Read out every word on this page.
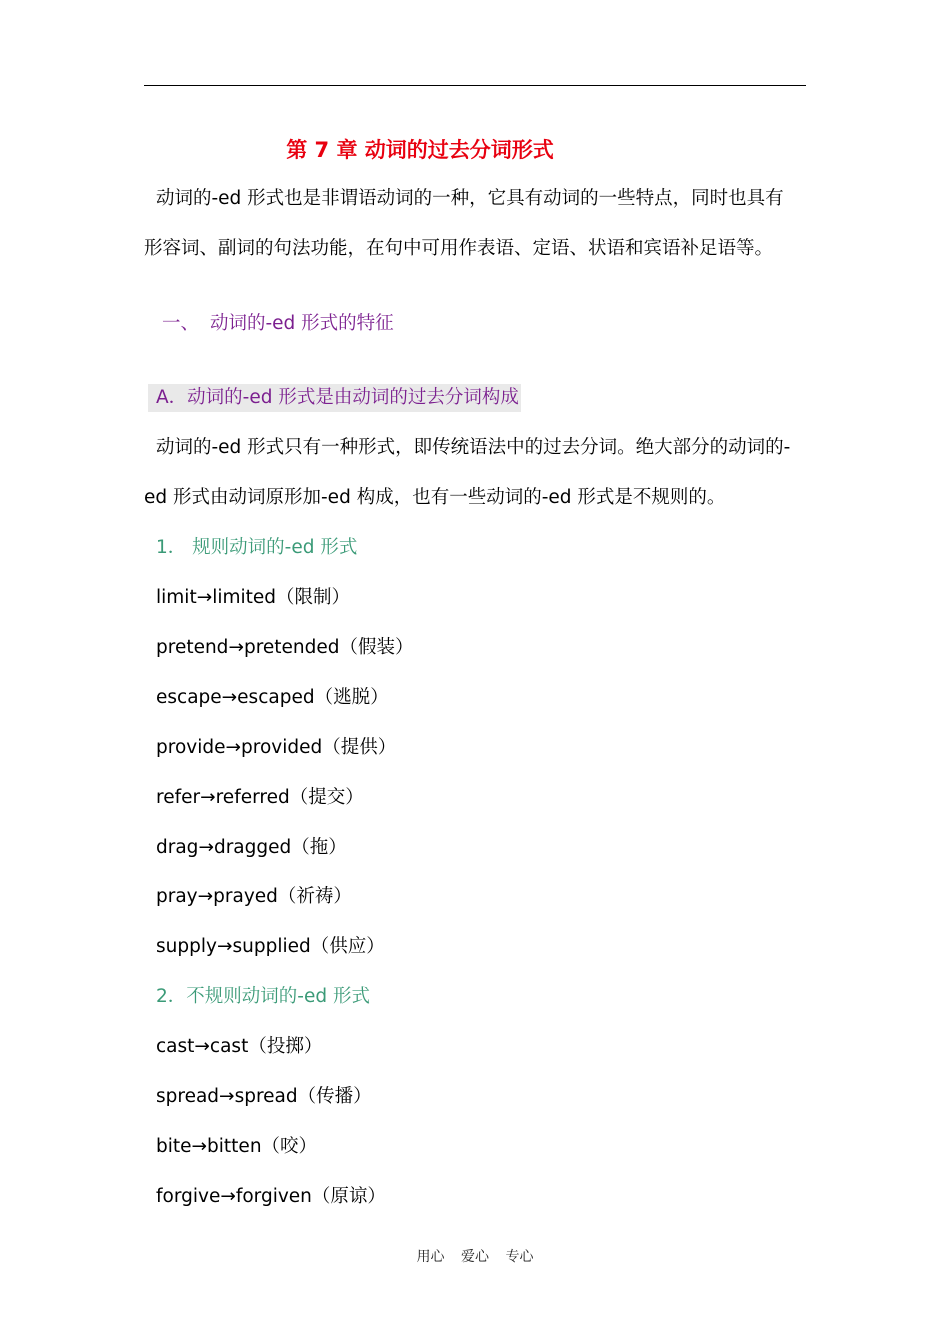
第 7 章 动词的过去分词形式
动词的-ed 形式也是非谓语动词的一种，它具有动词的一些特点，同时也具有
形容词、副词的句法功能，在句中可用作表语、定语、状语和宾语补足语等。
一、 动词的-ed 形式的特征
A．动词的-ed 形式是由动词的过去分词构成
动词的-ed 形式只有一种形式，即传统语法中的过去分词。绝大部分的动词的-
ed 形式由动词原形加-ed 构成，也有一些动词的-ed 形式是不规则的。
1． 规则动词的-ed 形式
limit→limited（限制）
pretend→pretended（假装）
escape→escaped（逃脱）
provide→provided（提供）
refer→referred（提交）
drag→dragged（拖）
pray→prayed（祈祷）
supply→supplied（供应）
2．不规则动词的-ed 形式
cast→cast（投掷）
spread→spread（传播）
bite→bitten（咬）
forgive→forgiven（原谅）
用心 爱心 专心
